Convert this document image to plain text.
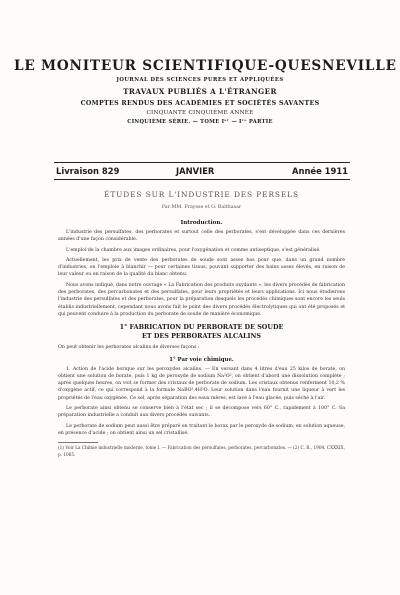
LE MONITEUR SCIENTIFIQUE-QUESNEVILLE
JOURNAL DES SCIENCES PURES ET APPLIQUÉES
TRAVAUX PUBLIÉS A L'ÉTRANGER
COMPTES RENDUS DES ACADÉMIES ET SOCIÉTÉS SAVANTES
CINQUANTE CINQUIÈME ANNÉE
CINQUIÈME SÉRIE. — TOME Iᵉʳ — Iʳᵉ PARTIE
Livraison 829	JANVIER	Année 1911
ÉTUDES SUR L'INDUSTRIE DES PERSELS
Par MM. Fraysse et G. Balthasar
Introduction.

L'industrie des persulfates, des perborates et surtout celle des perborates, s'est développée dans ces dernières années d'une façon considérable.

L'emploi de la chambre aux images ordinaires, pour l'oxygénation et comme antiseptique, s'est généralisé.

Actuellement, les prix de vente des perborates de soude sont assez bas pour que, dans un grand nombre d'industries, on l'emploie à blanchir — pour certaines tissus, pouvant supporter des bains assez élevés, en raison de leur valeur ou en raison de la qualité du blanc obtenu.

Nous avons indiqué, dans notre ouvrage « La Fabrication des produits oxydants », les divers procédés de fabrication des perborates, des percarbonates et des persulfates, pour leurs propriétés et leurs applications. Ici nous étudierons l'industrie des persulfates et des perborates, pour la préparation desquels les procédés chimiques sont encore les seuls établis industriellement, cependant nous avons fait le point des divers procédés électrolytiques qui ont été proposés et qui peuvent conduire à la production du perborate de soude de manière économique.

1° FABRICATION DU PERBORATE DE SOUDE
ET DES PERBORATES ALCALINS

On peut obtenir les perborates alcalins de diverses façons :

1° Par voie chimique.

1. Action de l'acide borique sur les peroxydes alcalins. — En versant dans 4 litres d'eau 25 kilos de borate, on obtient une solution de borate, puis 1 kg de peroxyde de sodium Na²O², on obtient d'abord une dissolution complète ; après quelques heures, on voit se former des cristaux de perborate de sodium. Les cristaux obtenus renferment 10,2 % d'oxygène actif, ce qui correspond à la formule NaBO³,4H²O. Leur solution dans l'eau fournit une liqueur à vert les propriétés de l'eau oxygénée. Ce sel, après séparation des eaux mères, est lavé à l'eau glacée, puis séché à l'air.

Le perborate ainsi obtenu se conserve bien à l'état sec ; il se décompose vers 60° C., rapidement à 100° C. Sa préparation industrielle a conduit aux divers procédés suivants.

Le perborate de sodium peut aussi être préparé en traitant le borax par le peroxyde de sodium, en solution aqueuse, en présence d'acide ; on obtient ainsi un sel cristallisé.

(1) Voir La Chimie industrielle moderne, tome I. — Fabrication des persulfates, perborates, percarbonates. — (2) C. R., 1904, CXXXIX, p. 1065.
